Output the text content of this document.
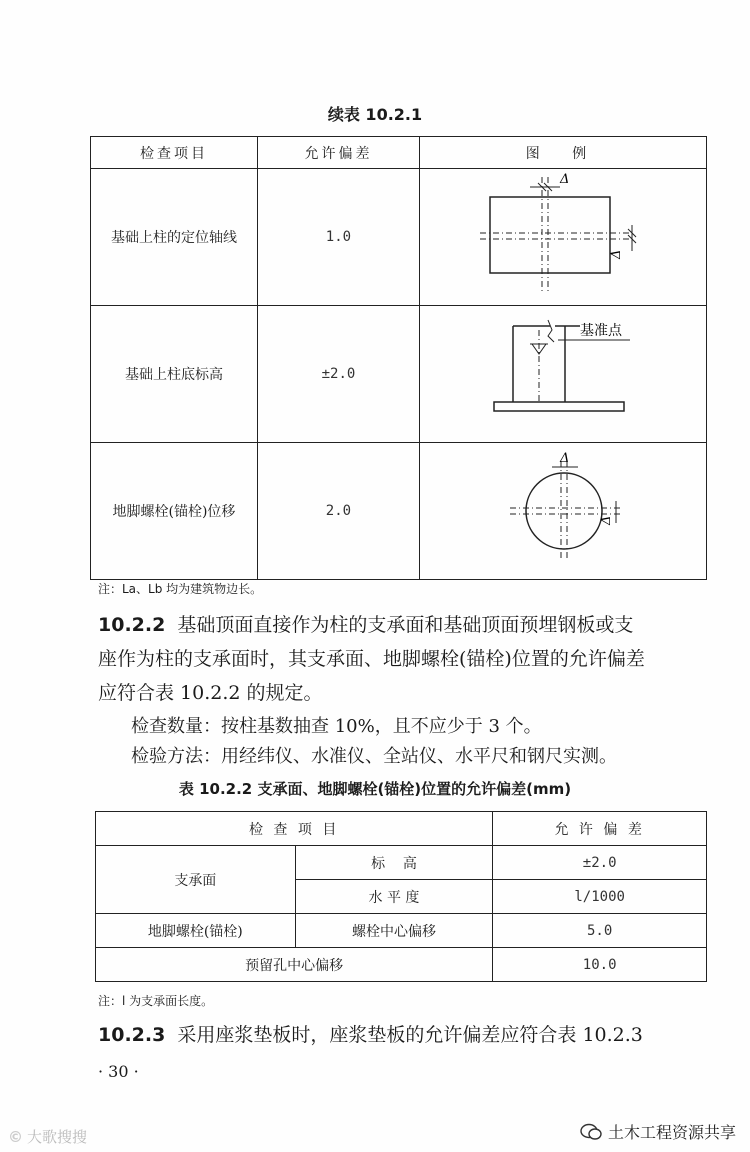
续表 10.2.1
检查项目	允许偏差	图 例
基础上柱的定位轴线	1.0	Δ
Δ

基础上柱底标高	±2.0	基准点

地脚螺栓(锚栓)位移	2.0	Δ
Δ
注：La、Lb 均为建筑物边长。
10.2.2 基础顶面直接作为柱的支承面和基础顶面预埋钢板或支
座作为柱的支承面时，其支承面、地脚螺栓(锚栓)位置的允许偏差
应符合表 10.2.2 的规定。
检查数量：按柱基数抽查 10%，且不应少于 3 个。
检验方法：用经纬仪、水准仪、全站仪、水平尺和钢尺实测。
表 10.2.2 支承面、地脚螺栓(锚栓)位置的允许偏差(mm)
检 查 项 目		允 许 偏 差
支承面	标    高	±2.0
	水 平 度	l/1000
地脚螺栓(锚栓)	螺栓中心偏移	5.0
预留孔中心偏移		10.0
注：l 为支承面长度。
10.2.3 采用座浆垫板时，座浆垫板的允许偏差应符合表 10.2.3
· 30 ·
土木工程资源共享
© 大歌搜搜
